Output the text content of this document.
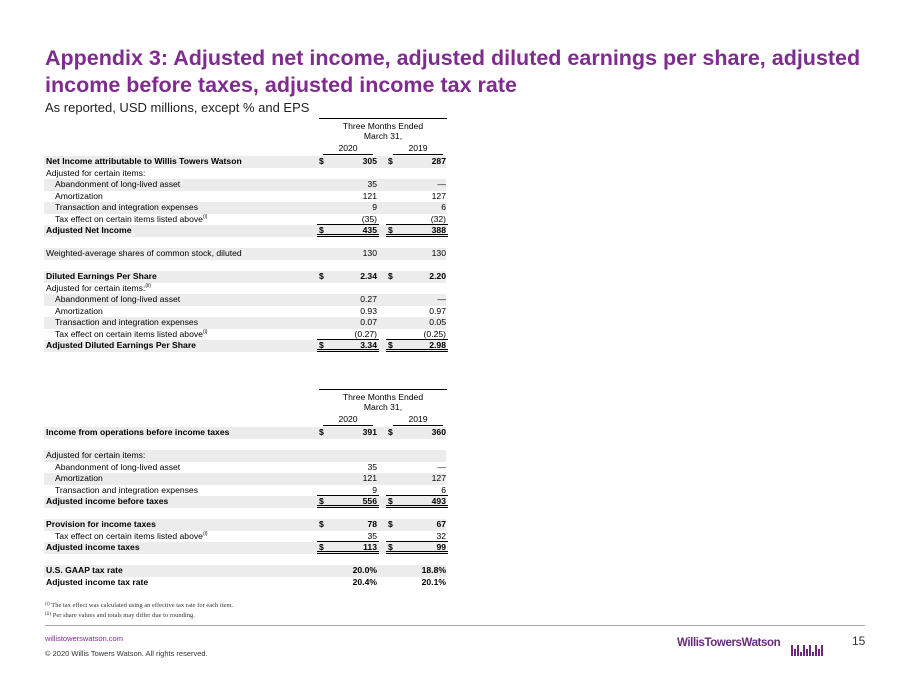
Appendix 3: Adjusted net income, adjusted diluted earnings per share, adjusted income before taxes, adjusted income tax rate
As reported, USD millions, except % and EPS
Three Months Ended
March 31,
2020	2019
Net Income attributable to Willis Towers Watson	$	305 $	287
Adjusted for certain items:
Abandonment of long-lived asset	35	—
Amortization	121	127
Transaction and integration expenses	9	6
Tax effect on certain items listed above$^{(i)}$	(35)	(32)
Adjusted Net Income	$	435 $	388
Weighted-average shares of common stock, diluted	130	130
Diluted Earnings Per Share	$	2.34 $	2.20
Adjusted for certain items:$^{(ii)}$
Abandonment of long-lived asset	0.27	—
Amortization	0.93	0.97
Transaction and integration expenses	0.07	0.05
Tax effect on certain items listed above$^{(i)}$	(0.27)	(0.25)
Adjusted Diluted Earnings Per Share	$	3.34 $	2.98
Three Months Ended
March 31,
2020	2019
Income from operations before income taxes	$	391 $	360
Adjusted for certain items:
Abandonment of long-lived asset	35	—
Amortization	121	127
Transaction and integration expenses	9	6
Adjusted income before taxes	$	556 $	493
Provision for income taxes	$	78 $	67
Tax effect on certain items listed above$^{(i)}$	35	32
Adjusted income taxes	$	113 $	99
U.S. GAAP tax rate	20.0%	18.8%
Adjusted income tax rate	20.4%	20.1%
$^{(i)}$ The tax effect was calculated using an effective tax rate for each item.
$^{(ii)}$ Per share values and totals may differ due to rounding.
willistowerswatson.com
© 2020 Willis Towers Watson. All rights reserved.
WillisTowersWatson	15
